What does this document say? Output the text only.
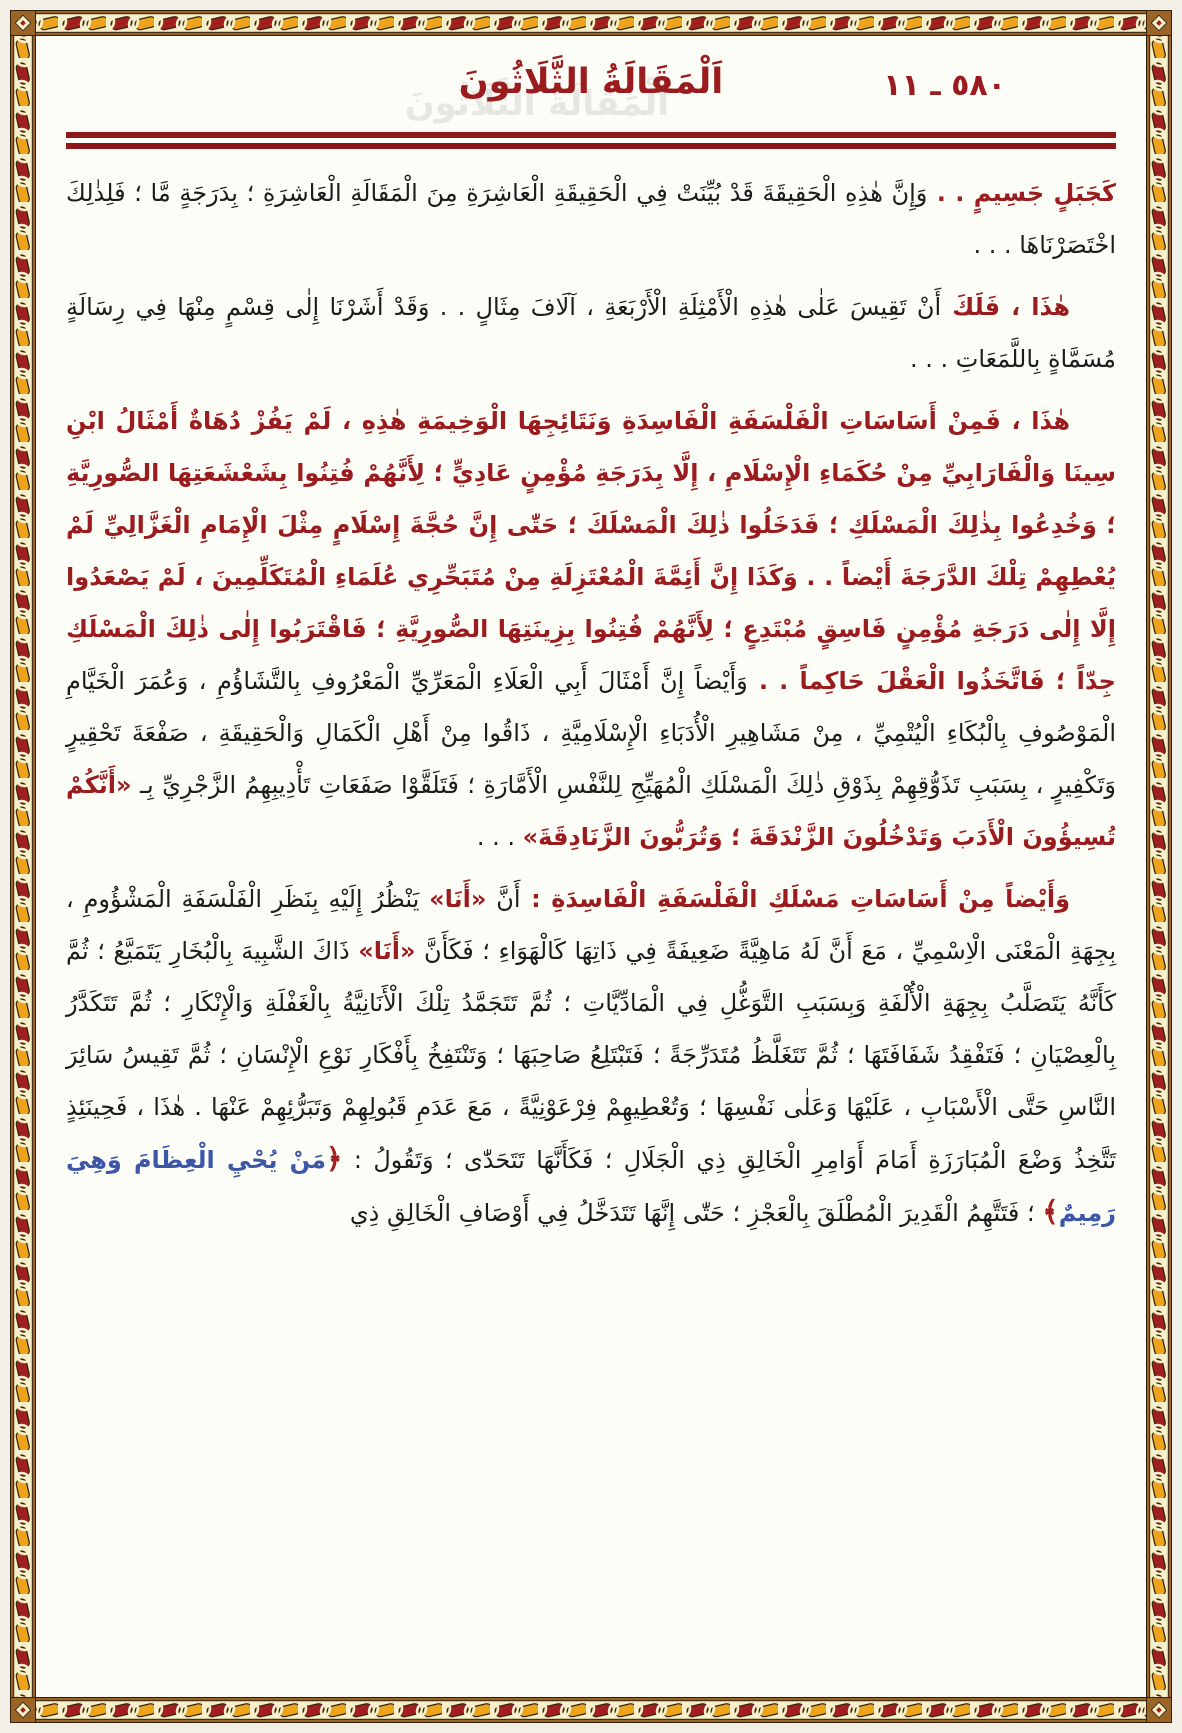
٥٨٠ ـ ١١
اَلْمَقَالَةُ الثَّلَاثُونَ

كَجَبَلٍ جَسِيمٍ . . وَإِنَّ هٰذِهِ الْحَقِيقَةَ قَدْ بُيِّنَتْ فِي الْحَقِيقَةِ الْعَاشِرَةِ مِنَ الْمَقَالَةِ الْعَاشِرَةِ ؛ بِدَرَجَةٍ مَّا ؛ فَلِذٰلِكَ اخْتَصَرْنَاهَا . . .

هٰذَا ، فَلَكَ أَنْ تَقِيسَ عَلٰى هٰذِهِ الْأَمْثِلَةِ الْأَرْبَعَةِ ، آلَافَ مِثَالٍ . . وَقَدْ أَشَرْنَا إِلٰى قِسْمٍ مِنْهَا فِي رِسَالَةٍ مُسَمَّاةٍ بِاللَّمَعَاتِ . . .

هٰذَا ، فَمِنْ أَسَاسَاتِ الْفَلْسَفَةِ الْفَاسِدَةِ وَنَتَائِجِهَا الْوَخِيمَةِ هٰذِهِ ، لَمْ يَفُزْ دُهَاةٌ أَمْثَالُ ابْنِ سِينَا وَالْفَارَابِيِّ مِنْ حُكَمَاءِ الْإِسْلَامِ ، إِلَّا بِدَرَجَةِ مُؤْمِنٍ عَادِيٍّ ؛ لِأَنَّهُمْ فُتِنُوا بِشَعْشَعَتِهَا الصُّورِيَّةِ ؛ وَخُدِعُوا بِذٰلِكَ الْمَسْلَكِ ؛ فَدَخَلُوا ذٰلِكَ الْمَسْلَكَ ؛ حَتّٰى إِنَّ حُجَّةَ إِسْلَامٍ مِثْلَ الْإِمَامِ الْغَزَّالِيِّ لَمْ يُعْطِهِمْ تِلْكَ الدَّرَجَةَ أَيْضاً . . وَكَذَا إِنَّ أَئِمَّةَ الْمُعْتَزِلَةِ مِنْ مُتَبَحِّرِي عُلَمَاءِ الْمُتَكَلِّمِينَ ، لَمْ يَصْعَدُوا إِلَّا إِلٰى دَرَجَةِ مُؤْمِنٍ فَاسِقٍ مُبْتَدِعٍ ؛ لِأَنَّهُمْ فُتِنُوا بِزِينَتِهَا الصُّورِيَّةِ ؛ فَاقْتَرَبُوا إِلٰى ذٰلِكَ الْمَسْلَكِ جِدّاً ؛ فَاتَّخَذُوا الْعَقْلَ حَاكِماً . . وَأَيْضاً إِنَّ أَمْثَالَ أَبِي الْعَلَاءِ الْمَعَرِّيِّ الْمَعْرُوفِ بِالتَّشَاؤُمِ ، وَعُمَرَ الْخَيَّامِ الْمَوْصُوفِ بِالْبُكَاءِ الْيُتْمِيِّ ، مِنْ مَشَاهِيرِ الْأُدَبَاءِ الْإِسْلَامِيَّةِ ، ذَاقُوا مِنْ أَهْلِ الْكَمَالِ وَالْحَقِيقَةِ ، صَفْعَةَ تَحْقِيرٍ وَتَكْفِيرٍ ، بِسَبَبِ تَذَوُّقِهِمْ بِذَوْقِ ذٰلِكَ الْمَسْلَكِ الْمُهَيِّجِ لِلنَّفْسِ الْأَمَّارَةِ ؛ فَتَلَقَّوْا صَفَعَاتِ تَأْدِيبِهِمُ الزَّجْرِيِّ بِـ «أَنَّكُمْ تُسِيؤُونَ الْأَدَبَ وَتَدْخُلُونَ الزَّنْدَقَةَ ؛ وَتُرَبُّونَ الزَّنَادِقَةَ» . . .

وَأَيْضاً مِنْ أَسَاسَاتِ مَسْلَكِ الْفَلْسَفَةِ الْفَاسِدَةِ : أَنَّ «أَنَا» يَنْظُرُ إِلَيْهِ بِنَظَرِ الْفَلْسَفَةِ الْمَشْؤُومِ ، بِجِهَةِ الْمَعْنَى الْاِسْمِيِّ ، مَعَ أَنَّ لَهُ مَاهِيَّةً ضَعِيفَةً فِي ذَاتِهَا كَالْهَوَاءِ ؛ فَكَأَنَّ «أَنَا» ذَاكَ الشَّبِيهَ بِالْبُخَارِ يَتَمَيَّعُ ؛ ثُمَّ كَأَنَّهُ يَتَصَلَّبُ بِجِهَةِ الْأُلْفَةِ وَبِسَبَبِ التَّوَغُّلِ فِي الْمَادِّيَّاتِ ؛ ثُمَّ تَتَجَمَّدُ تِلْكَ الْأَنَانِيَّةُ بِالْغَفْلَةِ وَالْإِنْكَارِ ؛ ثُمَّ تَتَكَدَّرُ بِالْعِصْيَانِ ؛ فَتَفْقِدُ شَفَافَتَهَا ؛ ثُمَّ تَتَغَلَّظُ مُتَدَرِّجَةً ؛ فَتَبْتَلِعُ صَاحِبَهَا ؛ وَتَنْتَفِخُ بِأَفْكَارِ نَوْعِ الْإِنْسَانِ ؛ ثُمَّ تَقِيسُ سَائِرَ النَّاسِ حَتَّى الْأَسْبَابِ ، عَلَيْهَا وَعَلٰى نَفْسِهَا ؛ وَتُعْطِيهِمْ فِرْعَوْنِيَّةً ، مَعَ عَدَمِ قَبُولِهِمْ وَتَبَرُّئِهِمْ عَنْهَا . هٰذَا ، فَحِينَئِذٍ تَتَّخِذُ وَضْعَ الْمُبَارَزَةِ أَمَامَ أَوَامِرِ الْخَالِقِ ذِي الْجَلَالِ ؛ فَكَأَنَّهَا تَتَحَدّٰى ؛ وَتَقُولُ : ﴿مَنْ يُحْيِ الْعِظَامَ وَهِيَ رَمِيمٌ﴾ ؛ فَتَتَّهِمُ الْقَدِيرَ الْمُطْلَقَ بِالْعَجْزِ ؛ حَتّٰى إِنَّهَا تَتَدَخَّلُ فِي أَوْصَافِ الْخَالِقِ ذِي
